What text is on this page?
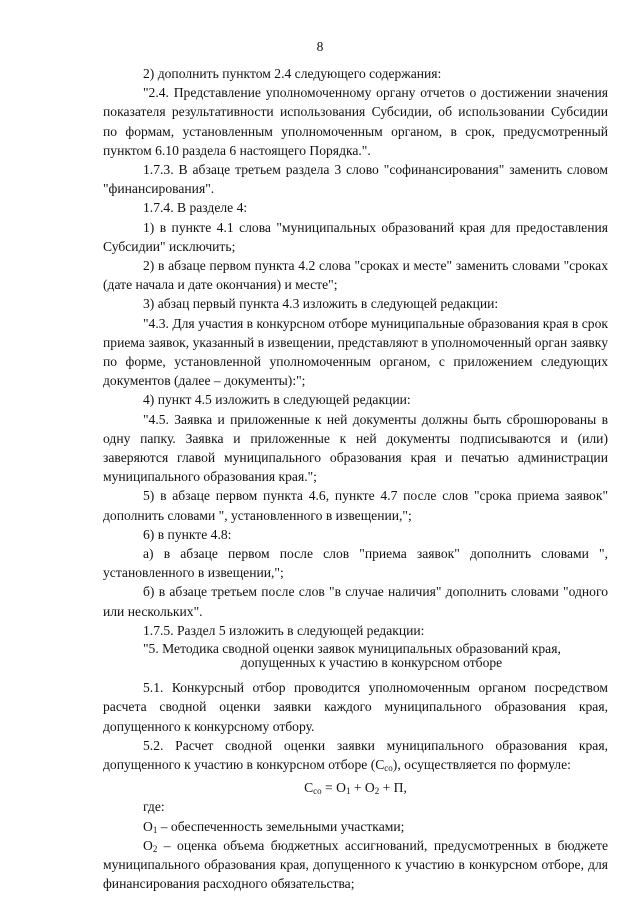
8

2) дополнить пунктом 2.4 следующего содержания:

"2.4. Представление уполномоченному органу отчетов о достижении значения показателя результативности использования Субсидии, об использовании Субсидии по формам, установленным уполномоченным органом, в срок, предусмотренный пунктом 6.10 раздела 6 настоящего Порядка.".

1.7.3. В абзаце третьем раздела 3 слово "софинансирования" заменить словом "финансирования".

1.7.4. В разделе 4:

1) в пункте 4.1 слова "муниципальных образований края для предоставления Субсидии" исключить;

2) в абзаце первом пункта 4.2 слова "сроках и месте" заменить словами "сроках (дате начала и дате окончания) и месте";

3) абзац первый пункта 4.3 изложить в следующей редакции:

"4.3. Для участия в конкурсном отборе муниципальные образования края в срок приема заявок, указанный в извещении, представляют в уполномоченный орган заявку по форме, установленной уполномоченным органом, с приложением следующих документов (далее – документы):";

4) пункт 4.5 изложить в следующей редакции:

"4.5. Заявка и приложенные к ней документы должны быть сброшюрованы в одну папку. Заявка и приложенные к ней документы подписываются и (или) заверяются главой муниципального образования края и печатью администрации муниципального образования края.";

5) в абзаце первом пункта 4.6, пункте 4.7 после слов "срока приема заявок" дополнить словами ", установленного в извещении,";

6) в пункте 4.8:

а) в абзаце первом после слов "приема заявок" дополнить словами ", установленного в извещении,";

б) в абзаце третьем после слов "в случае наличия" дополнить словами "одного или нескольких".

1.7.5. Раздел 5 изложить в следующей редакции:

"5. Методика сводной оценки заявок муниципальных образований края,
допущенных к участию в конкурсном отборе

5.1. Конкурсный отбор проводится уполномоченным органом посредством расчета сводной оценки заявки каждого муниципального образования края, допущенного к конкурсному отбору.

5.2. Расчет сводной оценки заявки муниципального образования края, допущенного к участию в конкурсном отборе $(С_{со})$, осуществляется по формуле:

$С_{со} = О_1 + О_2 + П$,

где:

$О_1$ – обеспеченность земельными участками;

$О_2$ – оценка объема бюджетных ассигнований, предусмотренных в бюджете муниципального образования края, допущенного к участию в конкурсном отборе, для финансирования расходного обязательства;
